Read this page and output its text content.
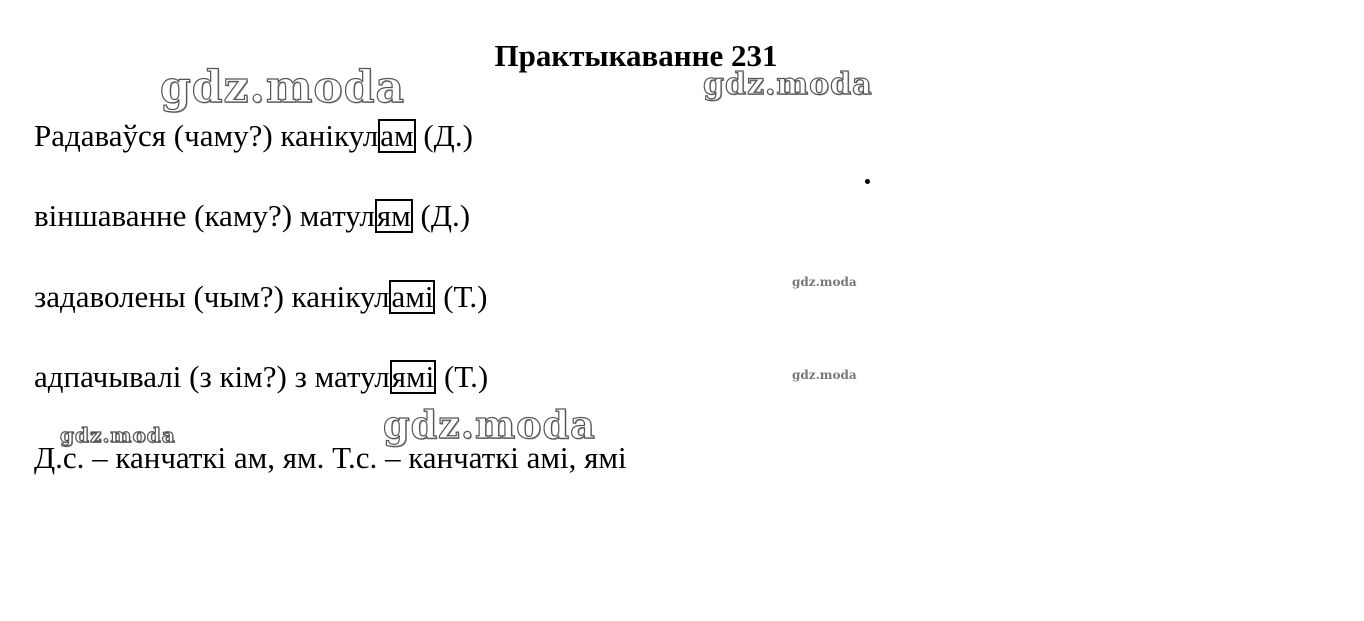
Практыкаванне 231
Радаваўся (чаму?) канікулам (Д.)
віншаванне (каму?) матулям (Д.)
задаволены (чым?) канікуламі (Т.)
адпачывалі (з кім?) з матулямі (Т.)
Д.с. – канчаткі ам, ям. Т.с. – канчаткі амі, ямі
gdz.moda	gdz.moda
gdz.moda
gdz.moda
gdz.moda
gdz.moda
